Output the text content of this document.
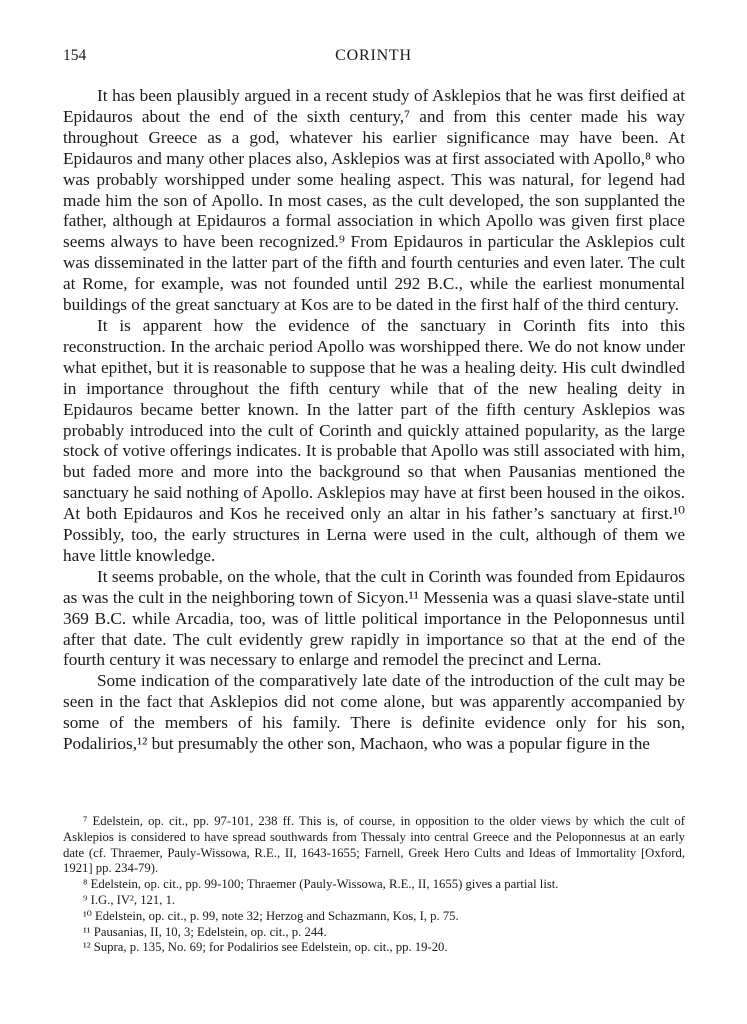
154	CORINTH

It has been plausibly argued in a recent study of Asklepios that he was first deified at Epidauros about the end of the sixth century,⁷ and from this center made his way throughout Greece as a god, whatever his earlier significance may have been. At Epidauros and many other places also, Asklepios was at first associated with Apollo,⁸ who was probably worshipped under some healing aspect. This was natural, for legend had made him the son of Apollo. In most cases, as the cult developed, the son supplanted the father, although at Epidauros a formal association in which Apollo was given first place seems always to have been recognized.⁹ From Epidauros in particular the Asklepios cult was disseminated in the latter part of the fifth and fourth centuries and even later. The cult at Rome, for example, was not founded until 292 B.C., while the earliest monumental buildings of the great sanctuary at Kos are to be dated in the first half of the third century.

It is apparent how the evidence of the sanctuary in Corinth fits into this reconstruction. In the archaic period Apollo was worshipped there. We do not know under what epithet, but it is reasonable to suppose that he was a healing deity. His cult dwindled in importance throughout the fifth century while that of the new healing deity in Epidauros became better known. In the latter part of the fifth century Asklepios was probably introduced into the cult of Corinth and quickly attained popularity, as the large stock of votive offerings indicates. It is probable that Apollo was still associated with him, but faded more and more into the background so that when Pausanias mentioned the sanctuary he said nothing of Apollo. Asklepios may have at first been housed in the oikos. At both Epidauros and Kos he received only an altar in his father’s sanctuary at first.¹⁰ Possibly, too, the early structures in Lerna were used in the cult, although of them we have little knowledge.

It seems probable, on the whole, that the cult in Corinth was founded from Epidauros as was the cult in the neighboring town of Sicyon.¹¹ Messenia was a quasi slave-state until 369 B.C. while Arcadia, too, was of little political importance in the Peloponnesus until after that date. The cult evidently grew rapidly in importance so that at the end of the fourth century it was necessary to enlarge and remodel the precinct and Lerna.

Some indication of the comparatively late date of the introduction of the cult may be seen in the fact that Asklepios did not come alone, but was apparently accompanied by some of the members of his family. There is definite evidence only for his son, Podalirios,¹² but presumably the other son, Machaon, who was a popular figure in the

⁷ Edelstein, op. cit., pp. 97-101, 238 ff. This is, of course, in opposition to the older views by which the cult of Asklepios is considered to have spread southwards from Thessaly into central Greece and the Peloponnesus at an early date (cf. Thraemer, Pauly-Wissowa, R.E., II, 1643-1655; Farnell, Greek Hero Cults and Ideas of Immortality [Oxford, 1921] pp. 234-79).

⁸ Edelstein, op. cit., pp. 99-100; Thraemer (Pauly-Wissowa, R.E., II, 1655) gives a partial list.

⁹ I.G., IV², 121, 1.

¹⁰ Edelstein, op. cit., p. 99, note 32; Herzog and Schazmann, Kos, I, p. 75.

¹¹ Pausanias, II, 10, 3; Edelstein, op. cit., p. 244.

¹² Supra, p. 135, No. 69; for Podalirios see Edelstein, op. cit., pp. 19-20.
